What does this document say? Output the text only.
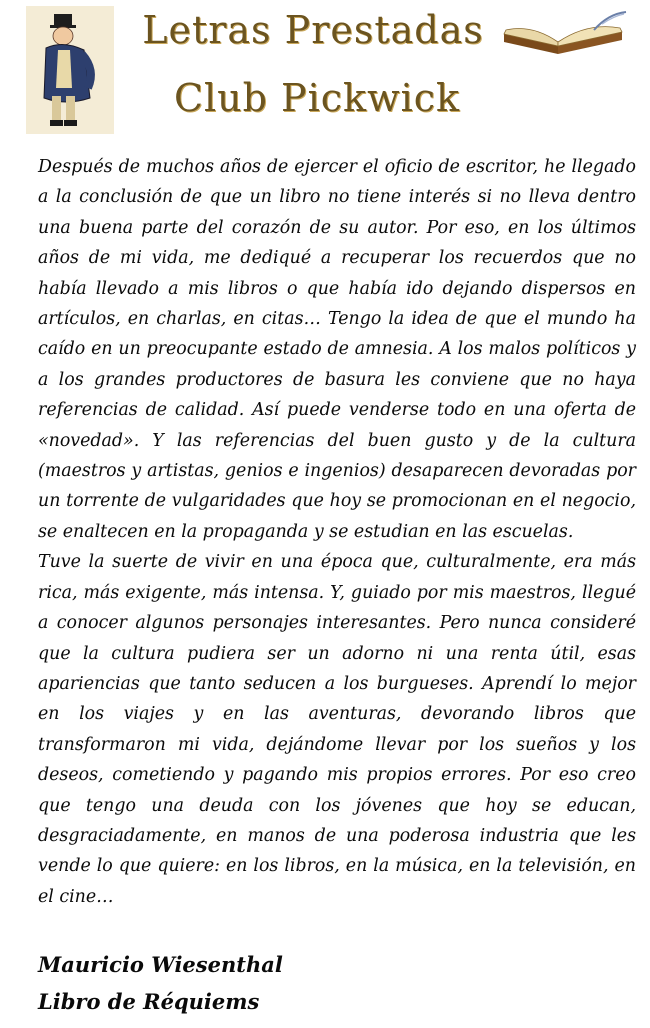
Letras Prestadas
Club Pickwick

Después de muchos años de ejercer el oficio de escritor, he llegado a la conclusión de que un libro no tiene interés si no lleva dentro una buena parte del corazón de su autor. Por eso, en los últimos años de mi vida, me dediqué a recuperar los recuerdos que no había llevado a mis libros o que había ido dejando dispersos en artículos, en charlas, en citas… Tengo la idea de que el mundo ha caído en un preocupante estado de amnesia. A los malos políticos y a los grandes productores de basura les conviene que no haya referencias de calidad. Así puede venderse todo en una oferta de «novedad». Y las referencias del buen gusto y de la cultura (maestros y artistas, genios e ingenios) desaparecen devoradas por un torrente de vulgaridades que hoy se promocionan en el negocio, se enaltecen en la propaganda y se estudian en las escuelas.

Tuve la suerte de vivir en una época que, culturalmente, era más rica, más exigente, más intensa. Y, guiado por mis maestros, llegué a conocer algunos personajes interesantes. Pero nunca consideré que la cultura pudiera ser un adorno ni una renta útil, esas apariencias que tanto seducen a los burgueses. Aprendí lo mejor en los viajes y en las aventuras, devorando libros que transformaron mi vida, dejándome llevar por los sueños y los deseos, cometiendo y pagando mis propios errores. Por eso creo que tengo una deuda con los jóvenes que hoy se educan, desgraciadamente, en manos de una poderosa industria que les vende lo que quiere: en los libros, en la música, en la televisión, en el cine…

Mauricio Wiesenthal
Libro de Réquiems
